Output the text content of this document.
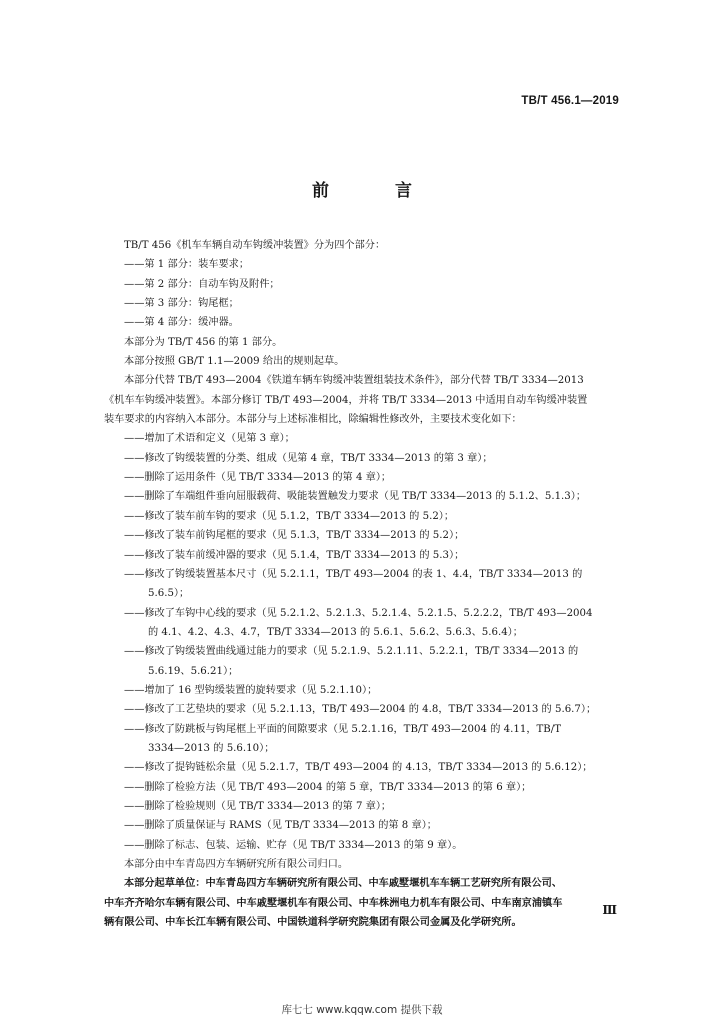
TB/T 456.1—2019
前 言
TB/T 456《机车车辆自动车钩缓冲装置》分为四个部分：
——第 1 部分：装车要求；
——第 2 部分：自动车钩及附件；
——第 3 部分：钩尾框；
——第 4 部分：缓冲器。
本部分为 TB/T 456 的第 1 部分。
本部分按照 GB/T 1.1—2009 给出的规则起草。
本部分代替 TB/T 493—2004《铁道车辆车钩缓冲装置组装技术条件》，部分代替 TB/T 3334—2013
《机车车钩缓冲装置》。本部分修订 TB/T 493—2004，并将 TB/T 3334—2013 中适用自动车钩缓冲装置
装车要求的内容纳入本部分。本部分与上述标准相比，除编辑性修改外，主要技术变化如下：
——增加了术语和定义（见第 3 章）；
——修改了钩缓装置的分类、组成（见第 4 章，TB/T 3334—2013 的第 3 章）；
——删除了运用条件（见 TB/T 3334—2013 的第 4 章）；
——删除了车端组件垂向屈服载荷、吸能装置触发力要求（见 TB/T 3334—2013 的 5.1.2、5.1.3）；
——修改了装车前车钩的要求（见 5.1.2，TB/T 3334—2013 的 5.2）；
——修改了装车前钩尾框的要求（见 5.1.3，TB/T 3334—2013 的 5.2）；
——修改了装车前缓冲器的要求（见 5.1.4，TB/T 3334—2013 的 5.3）；
——修改了钩缓装置基本尺寸（见 5.2.1.1，TB/T 493—2004 的表 1、4.4，TB/T 3334—2013 的
5.6.5）；
——修改了车钩中心线的要求（见 5.2.1.2、5.2.1.3、5.2.1.4、5.2.1.5、5.2.2.2，TB/T 493—2004
的 4.1、4.2、4.3、4.7，TB/T 3334—2013 的 5.6.1、5.6.2、5.6.3、5.6.4）；
——修改了钩缓装置曲线通过能力的要求（见 5.2.1.9、5.2.1.11、5.2.2.1，TB/T 3334—2013 的
5.6.19、5.6.21）；
——增加了 16 型钩缓装置的旋转要求（见 5.2.1.10）；
——修改了工艺垫块的要求（见 5.2.1.13，TB/T 493—2004 的 4.8，TB/T 3334—2013 的 5.6.7）；
——修改了防跳板与钩尾框上平面的间隙要求（见 5.2.1.16，TB/T 493—2004 的 4.11，TB/T
3334—2013 的 5.6.10）；
——修改了提钩链松余量（见 5.2.1.7，TB/T 493—2004 的 4.13，TB/T 3334—2013 的 5.6.12）；
——删除了检验方法（见 TB/T 493—2004 的第 5 章，TB/T 3334—2013 的第 6 章）；
——删除了检验规则（见 TB/T 3334—2013 的第 7 章）；
——删除了质量保证与 RAMS（见 TB/T 3334—2013 的第 8 章）；
——删除了标志、包装、运输、贮存（见 TB/T 3334—2013 的第 9 章）。
本部分由中车青岛四方车辆研究所有限公司归口。
本部分起草单位：中车青岛四方车辆研究所有限公司、中车戚墅堰机车车辆工艺研究所有限公司、
中车齐齐哈尔车辆有限公司、中车戚墅堰机车有限公司、中车株洲电力机车有限公司、中车南京浦镇车
辆有限公司、中车长江车辆有限公司、中国铁道科学研究院集团有限公司金属及化学研究所。
Ⅲ
库七七 www.kqqw.com 提供下载
